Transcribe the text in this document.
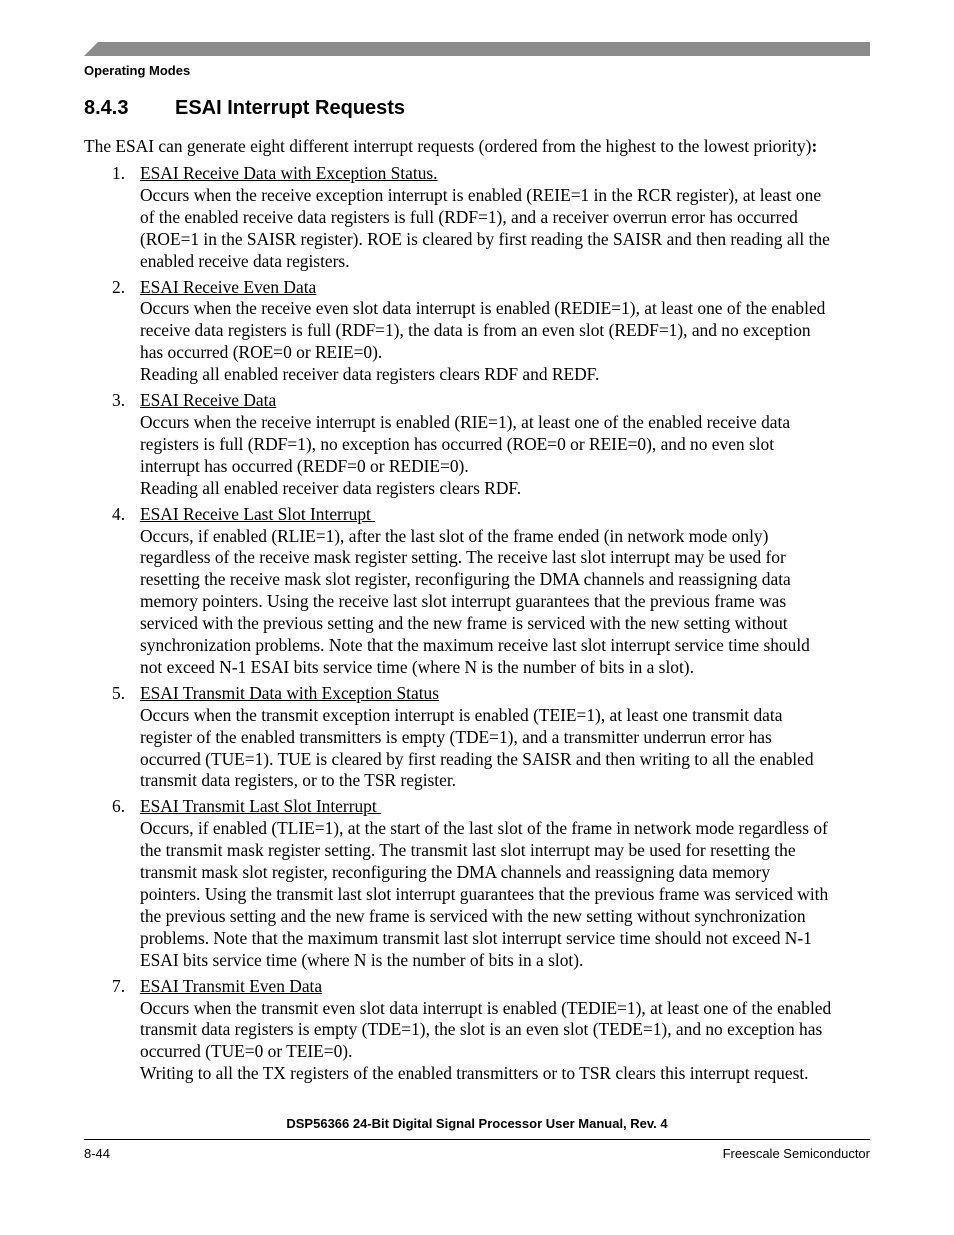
Operating Modes
8.4.3 ESAI Interrupt Requests
The ESAI can generate eight different interrupt requests (ordered from the highest to the lowest priority):
1. ESAI Receive Data with Exception Status.
Occurs when the receive exception interrupt is enabled (REIE=1 in the RCR register), at least one
of the enabled receive data registers is full (RDF=1), and a receiver overrun error has occurred
(ROE=1 in the SAISR register). ROE is cleared by first reading the SAISR and then reading all the
enabled receive data registers.
2. ESAI Receive Even Data
Occurs when the receive even slot data interrupt is enabled (REDIE=1), at least one of the enabled
receive data registers is full (RDF=1), the data is from an even slot (REDF=1), and no exception
has occurred (ROE=0 or REIE=0).
Reading all enabled receiver data registers clears RDF and REDF.
3. ESAI Receive Data
Occurs when the receive interrupt is enabled (RIE=1), at least one of the enabled receive data
registers is full (RDF=1), no exception has occurred (ROE=0 or REIE=0), and no even slot
interrupt has occurred (REDF=0 or REDIE=0).
Reading all enabled receiver data registers clears RDF.
4. ESAI Receive Last Slot Interrupt
Occurs, if enabled (RLIE=1), after the last slot of the frame ended (in network mode only)
regardless of the receive mask register setting. The receive last slot interrupt may be used for
resetting the receive mask slot register, reconfiguring the DMA channels and reassigning data
memory pointers. Using the receive last slot interrupt guarantees that the previous frame was
serviced with the previous setting and the new frame is serviced with the new setting without
synchronization problems. Note that the maximum receive last slot interrupt service time should
not exceed N-1 ESAI bits service time (where N is the number of bits in a slot).
5. ESAI Transmit Data with Exception Status
Occurs when the transmit exception interrupt is enabled (TEIE=1), at least one transmit data
register of the enabled transmitters is empty (TDE=1), and a transmitter underrun error has
occurred (TUE=1). TUE is cleared by first reading the SAISR and then writing to all the enabled
transmit data registers, or to the TSR register.
6. ESAI Transmit Last Slot Interrupt
Occurs, if enabled (TLIE=1), at the start of the last slot of the frame in network mode regardless of
the transmit mask register setting. The transmit last slot interrupt may be used for resetting the
transmit mask slot register, reconfiguring the DMA channels and reassigning data memory
pointers. Using the transmit last slot interrupt guarantees that the previous frame was serviced with
the previous setting and the new frame is serviced with the new setting without synchronization
problems. Note that the maximum transmit last slot interrupt service time should not exceed N-1
ESAI bits service time (where N is the number of bits in a slot).
7. ESAI Transmit Even Data
Occurs when the transmit even slot data interrupt is enabled (TEDIE=1), at least one of the enabled
transmit data registers is empty (TDE=1), the slot is an even slot (TEDE=1), and no exception has
occurred (TUE=0 or TEIE=0).
Writing to all the TX registers of the enabled transmitters or to TSR clears this interrupt request.
DSP56366 24-Bit Digital Signal Processor User Manual, Rev. 4
8-44	Freescale Semiconductor
